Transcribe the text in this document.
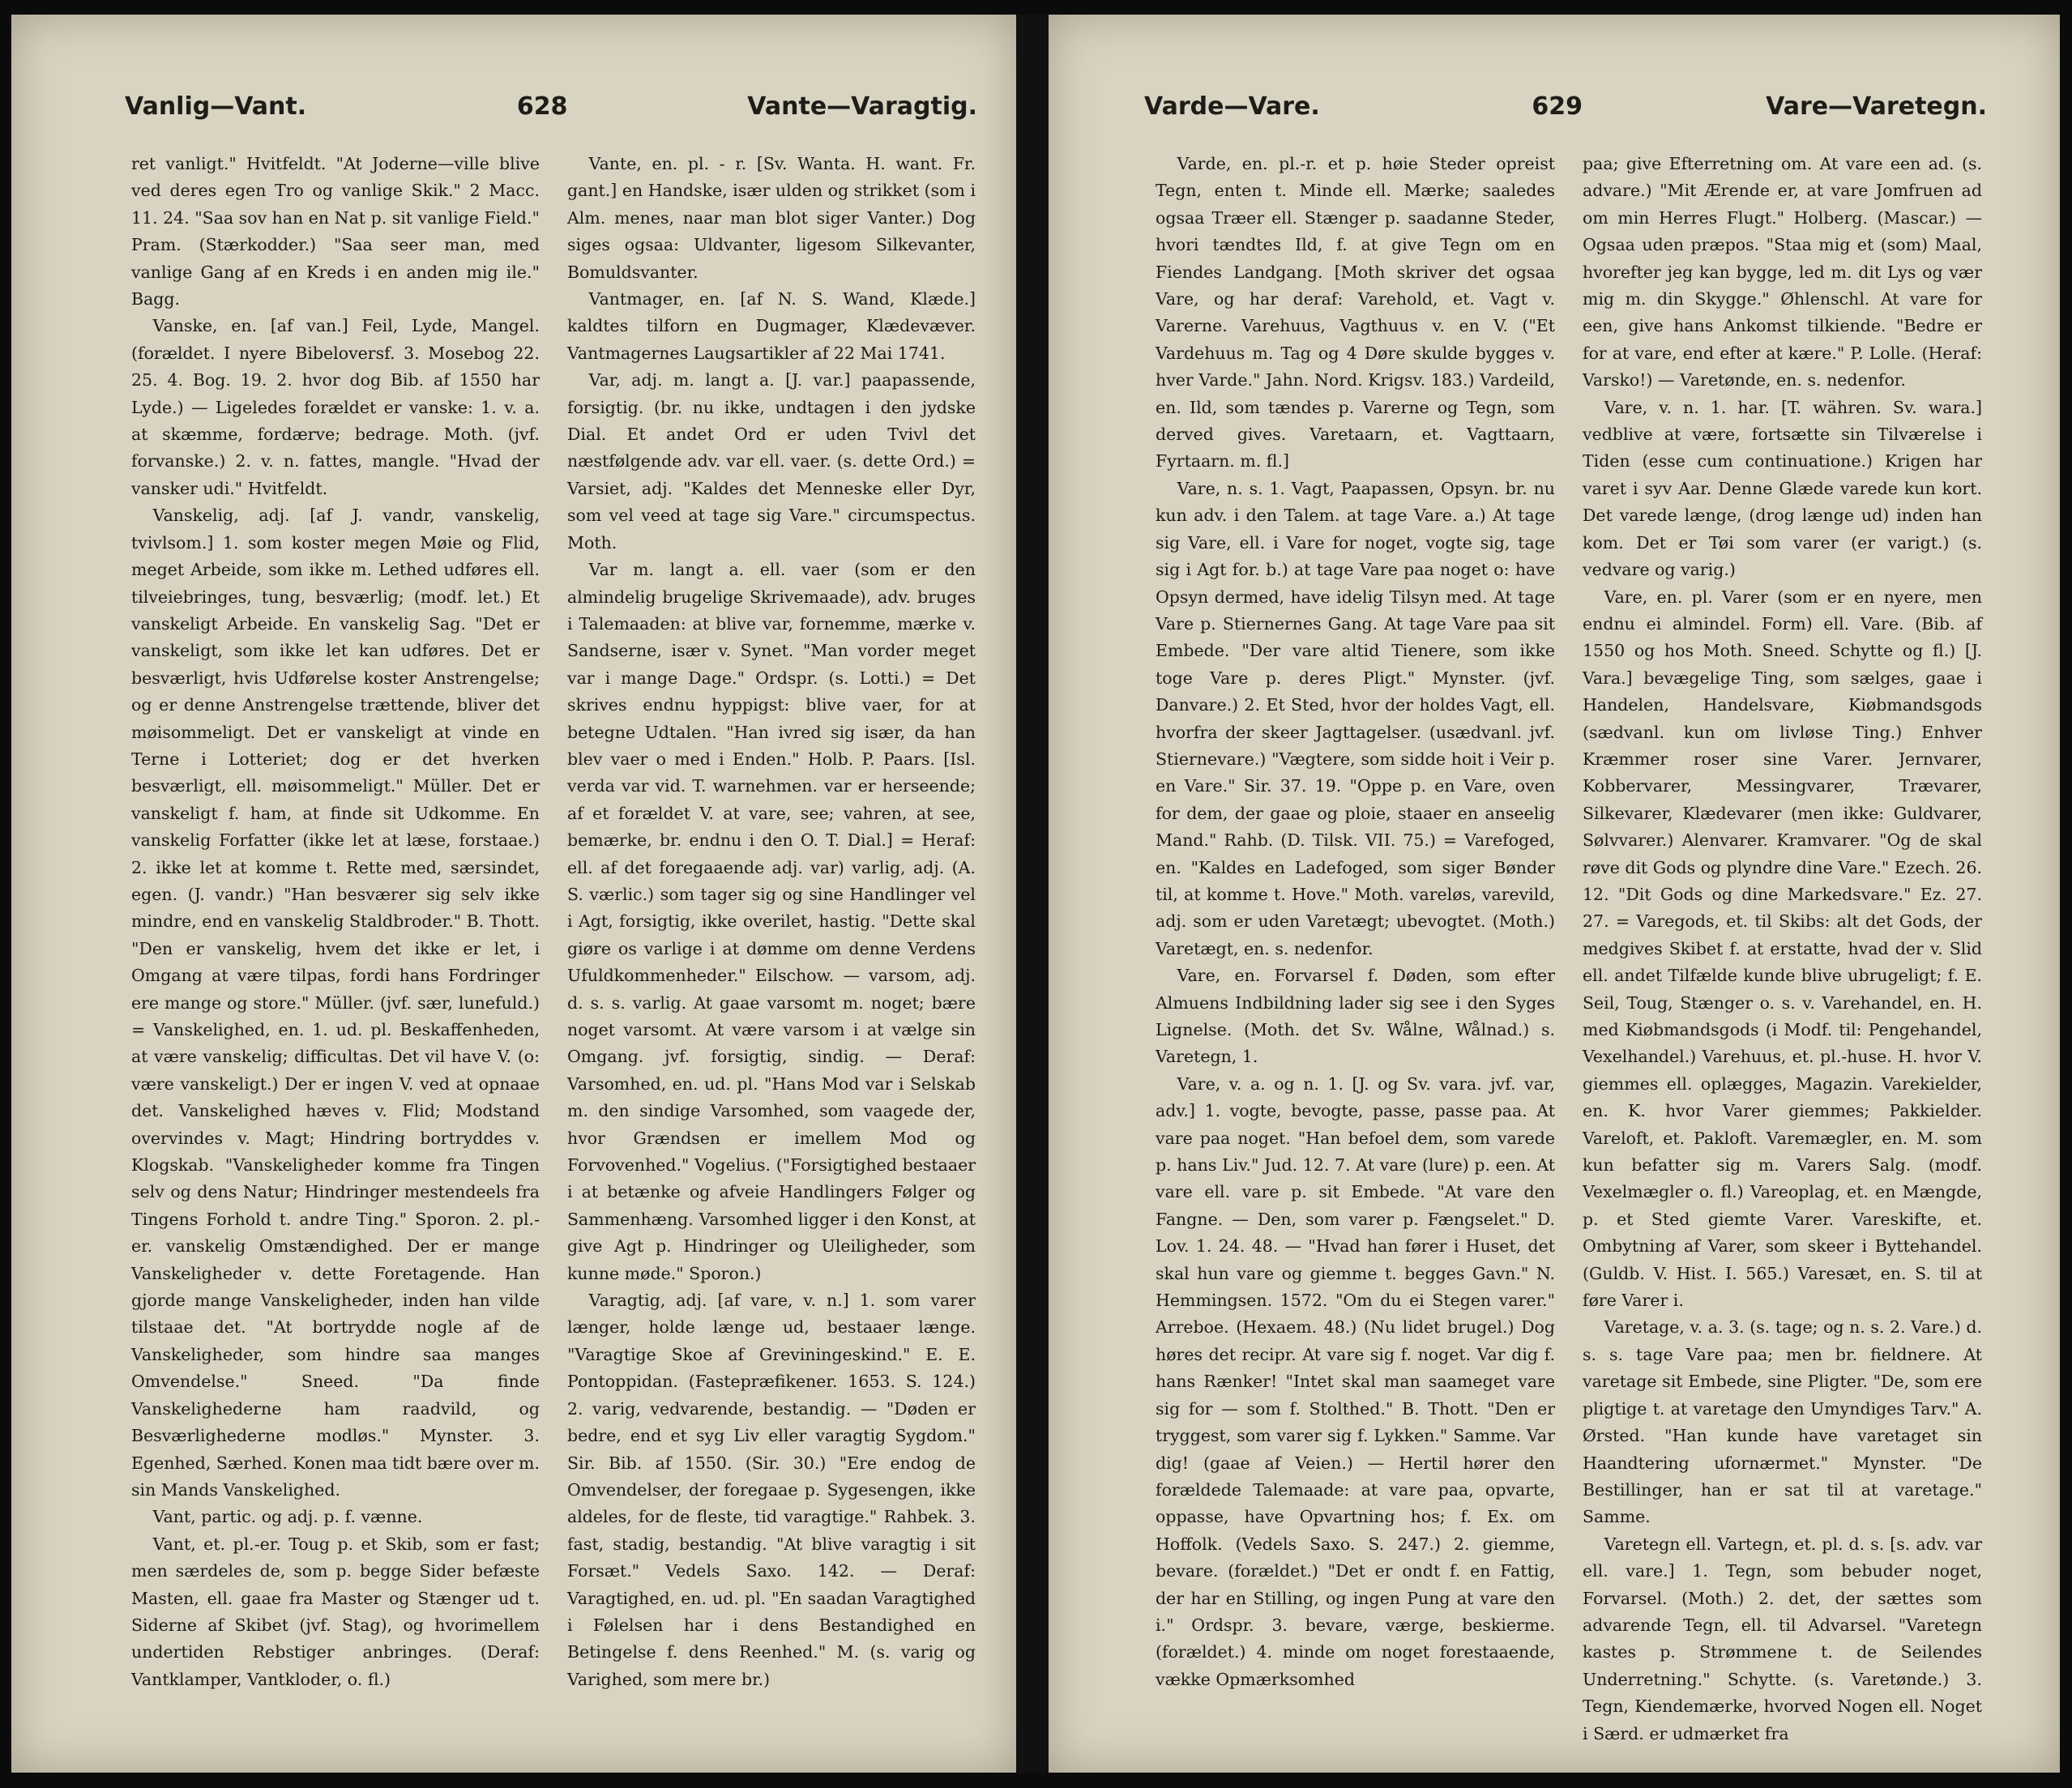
Vanlig—Vant.	628	Vante—Varagtig.

ret vanligt." Hvitfeldt. "At Joderne—ville blive ved deres egen Tro og vanlige Skik." 2 Macc. 11. 24. "Saa sov han en Nat p. sit vanlige Field." Pram. (Stærkodder.) "Saa seer man, med vanlige Gang af en Kreds i en anden mig ile." Bagg.

Vanske, en. [af van.] Feil, Lyde, Mangel. (forældet. I nyere Bibeloversf. 3. Mosebog 22. 25. 4. Bog. 19. 2. hvor dog Bib. af 1550 har Lyde.) — Ligeledes forældet er vanske: 1. v. a. at skæmme, fordærve; bedrage. Moth. (jvf. forvanske.) 2. v. n. fattes, mangle. "Hvad der vansker udi." Hvitfeldt.

Vanskelig, adj. [af J. vandr, vanskelig, tvivlsom.] 1. som koster megen Møie og Flid, meget Arbeide, som ikke m. Lethed udføres ell. tilveiebringes, tung, besværlig; (modf. let.) Et vanskeligt Arbeide. En vanskelig Sag. "Det er vanskeligt, som ikke let kan udføres. Det er besværligt, hvis Udførelse koster Anstrengelse; og er denne Anstrengelse trættende, bliver det møisommeligt. Det er vanskeligt at vinde en Terne i Lotteriet; dog er det hverken besværligt, ell. møisommeligt." Müller. Det er vanskeligt f. ham, at finde sit Udkomme. En vanskelig Forfatter (ikke let at læse, forstaae.) 2. ikke let at komme t. Rette med, særsindet, egen. (J. vandr.) "Han besværer sig selv ikke mindre, end en vanskelig Staldbroder." B. Thott. "Den er vanskelig, hvem det ikke er let, i Omgang at være tilpas, fordi hans Fordringer ere mange og store." Müller. (jvf. sær, lunefuld.) = Vanskelighed, en. 1. ud. pl. Beskaffenheden, at være vanskelig; difficultas. Det vil have V. (o: være vanskeligt.) Der er ingen V. ved at opnaae det. Vanskelighed hæves v. Flid; Modstand overvindes v. Magt; Hindring bortryddes v. Klogskab. "Vanskeligheder komme fra Tingen selv og dens Natur; Hindringer mestendeels fra Tingens Forhold t. andre Ting." Sporon. 2. pl.-er. vanskelig Omstændighed. Der er mange Vanskeligheder v. dette Foretagende. Han gjorde mange Vanskeligheder, inden han vilde tilstaae det. "At bortrydde nogle af de Vanskeligheder, som hindre saa manges Omvendelse." Sneed. "Da finde Vanskelighederne ham raadvild, og Besværlighederne modløs." Mynster. 3. Egenhed, Særhed. Konen maa tidt bære over m. sin Mands Vanskelighed.

Vant, partic. og adj. p. f. vænne.

Vant, et. pl.-er. Toug p. et Skib, som er fast; men særdeles de, som p. begge Sider befæste Masten, ell. gaae fra Master og Stænger ud t. Siderne af Skibet (jvf. Stag), og hvorimellem undertiden Rebstiger anbringes. (Deraf: Vantklamper, Vantkloder, o. fl.)

Vante, en. pl. - r. [Sv. Wanta. H. want. Fr. gant.] en Handske, især ulden og strikket (som i Alm. menes, naar man blot siger Vanter.) Dog siges ogsaa: Uldvanter, ligesom Silkevanter, Bomuldsvanter.

Vantmager, en. [af N. S. Wand, Klæde.] kaldtes tilforn en Dugmager, Klædevæver. Vantmagernes Laugsartikler af 22 Mai 1741.

Var, adj. m. langt a. [J. var.] paapassende, forsigtig. (br. nu ikke, undtagen i den jydske Dial. Et andet Ord er uden Tvivl det næstfølgende adv. var ell. vaer. (s. dette Ord.) = Varsiet, adj. "Kaldes det Menneske eller Dyr, som vel veed at tage sig Vare." circumspectus. Moth.

Var m. langt a. ell. vaer (som er den almindelig brugelige Skrivemaade), adv. bruges i Talemaaden: at blive var, fornemme, mærke v. Sandserne, især v. Synet. "Man vorder meget var i mange Dage." Ordspr. (s. Lotti.) = Det skrives endnu hyppigst: blive vaer, for at betegne Udtalen. "Han ivred sig især, da han blev vaer o med i Enden." Holb. P. Paars. [Isl. verda var vid. T. warnehmen. var er herseende; af et forældet V. at vare, see; vahren, at see, bemærke, br. endnu i den O. T. Dial.] = Heraf: ell. af det foregaaende adj. var) varlig, adj. (A. S. værlic.) som tager sig og sine Handlinger vel i Agt, forsigtig, ikke overilet, hastig. "Dette skal giøre os varlige i at dømme om denne Verdens Ufuldkommenheder." Eilschow. — varsom, adj. d. s. s. varlig. At gaae varsomt m. noget; bære noget varsomt. At være varsom i at vælge sin Omgang. jvf. forsigtig, sindig. — Deraf: Varsomhed, en. ud. pl. "Hans Mod var i Selskab m. den sindige Varsomhed, som vaagede der, hvor Grændsen er imellem Mod og Forvovenhed." Vogelius. ("Forsigtighed bestaaer i at betænke og afveie Handlingers Følger og Sammenhæng. Varsomhed ligger i den Konst, at give Agt p. Hindringer og Uleiligheder, som kunne møde." Sporon.)

Varagtig, adj. [af vare, v. n.] 1. som varer længer, holde længe ud, bestaaer længe. "Varagtige Skoe af Greviningeskind." E. E. Pontoppidan. (Fastepræfikener. 1653. S. 124.) 2. varig, vedvarende, bestandig. — "Døden er bedre, end et syg Liv eller varagtig Sygdom." Sir. Bib. af 1550. (Sir. 30.) "Ere endog de Omvendelser, der foregaae p. Sygesengen, ikke aldeles, for de fleste, tid varagtige." Rahbek. 3. fast, stadig, bestandig. "At blive varagtig i sit Forsæt." Vedels Saxo. 142. — Deraf: Varagtighed, en. ud. pl. "En saadan Varagtighed i Følelsen har i dens Bestandighed en Betingelse f. dens Reenhed." M. (s. varig og Varighed, som mere br.)

Varde—Vare.	629	Vare—Varetegn.

Varde, en. pl.-r. et p. høie Steder opreist Tegn, enten t. Minde ell. Mærke; saaledes ogsaa Træer ell. Stænger p. saadanne Steder, hvori tændtes Ild, f. at give Tegn om en Fiendes Landgang. [Moth skriver det ogsaa Vare, og har deraf: Varehold, et. Vagt v. Varerne. Varehuus, Vagthuus v. en V. ("Et Vardehuus m. Tag og 4 Døre skulde bygges v. hver Varde." Jahn. Nord. Krigsv. 183.) Vardeild, en. Ild, som tændes p. Varerne og Tegn, som derved gives. Varetaarn, et. Vagttaarn, Fyrtaarn. m. fl.]

Vare, n. s. 1. Vagt, Paapassen, Opsyn. br. nu kun adv. i den Talem. at tage Vare. a.) At tage sig Vare, ell. i Vare for noget, vogte sig, tage sig i Agt for. b.) at tage Vare paa noget o: have Opsyn dermed, have idelig Tilsyn med. At tage Vare p. Stiernernes Gang. At tage Vare paa sit Embede. "Der vare altid Tienere, som ikke toge Vare p. deres Pligt." Mynster. (jvf. Danvare.) 2. Et Sted, hvor der holdes Vagt, ell. hvorfra der skeer Jagttagelser. (usædvanl. jvf. Stiernevare.) "Vægtere, som sidde hoit i Veir p. en Vare." Sir. 37. 19. "Oppe p. en Vare, oven for dem, der gaae og ploie, staaer en anseelig Mand." Rahb. (D. Tilsk. VII. 75.) = Varefoged, en. "Kaldes en Ladefoged, som siger Bønder til, at komme t. Hove." Moth. vareløs, varevild, adj. som er uden Varetægt; ubevogtet. (Moth.) Varetægt, en. s. nedenfor.

Vare, en. Forvarsel f. Døden, som efter Almuens Indbildning lader sig see i den Syges Lignelse. (Moth. det Sv. Wålne, Wålnad.) s. Varetegn, 1.

Vare, v. a. og n. 1. [J. og Sv. vara. jvf. var, adv.] 1. vogte, bevogte, passe, passe paa. At vare paa noget. "Han befoel dem, som varede p. hans Liv." Jud. 12. 7. At vare (lure) p. een. At vare ell. vare p. sit Embede. "At vare den Fangne. — Den, som varer p. Fængselet." D. Lov. 1. 24. 48. — "Hvad han fører i Huset, det skal hun vare og giemme t. begges Gavn." N. Hemmingsen. 1572. "Om du ei Stegen varer." Arreboe. (Hexaem. 48.) (Nu lidet brugel.) Dog høres det recipr. At vare sig f. noget. Var dig f. hans Rænker! "Intet skal man saameget vare sig for — som f. Stolthed." B. Thott. "Den er tryggest, som varer sig f. Lykken." Samme. Var dig! (gaae af Veien.) — Hertil hører den forældede Talemaade: at vare paa, opvarte, oppasse, have Opvartning hos; f. Ex. om Hoffolk. (Vedels Saxo. S. 247.) 2. giemme, bevare. (forældet.) "Det er ondt f. en Fattig, der har en Stilling, og ingen Pung at vare den i." Ordspr. 3. bevare, værge, beskierme. (forældet.) 4. minde om noget forestaaende, vække Opmærksomhed

paa; give Efterretning om. At vare een ad. (s. advare.) "Mit Ærende er, at vare Jomfruen ad om min Herres Flugt." Holberg. (Mascar.) — Ogsaa uden præpos. "Staa mig et (som) Maal, hvorefter jeg kan bygge, led m. dit Lys og vær mig m. din Skygge." Øhlenschl. At vare for een, give hans Ankomst tilkiende. "Bedre er for at vare, end efter at kære." P. Lolle. (Heraf: Varsko!) — Varetønde, en. s. nedenfor.

Vare, v. n. 1. har. [T. währen. Sv. wara.] vedblive at være, fortsætte sin Tilværelse i Tiden (esse cum continuatione.) Krigen har varet i syv Aar. Denne Glæde varede kun kort. Det varede længe, (drog længe ud) inden han kom. Det er Tøi som varer (er varigt.) (s. vedvare og varig.)

Vare, en. pl. Varer (som er en nyere, men endnu ei almindel. Form) ell. Vare. (Bib. af 1550 og hos Moth. Sneed. Schytte og fl.) [J. Vara.] bevægelige Ting, som sælges, gaae i Handelen, Handelsvare, Kiøbmandsgods (sædvanl. kun om livløse Ting.) Enhver Kræmmer roser sine Varer. Jernvarer, Kobbervarer, Messingvarer, Trævarer, Silkevarer, Klædevarer (men ikke: Guldvarer, Sølvvarer.) Alenvarer. Kramvarer. "Og de skal røve dit Gods og plyndre dine Vare." Ezech. 26. 12. "Dit Gods og dine Markedsvare." Ez. 27. 27. = Varegods, et. til Skibs: alt det Gods, der medgives Skibet f. at erstatte, hvad der v. Slid ell. andet Tilfælde kunde blive ubrugeligt; f. E. Seil, Toug, Stænger o. s. v. Varehandel, en. H. med Kiøbmandsgods (i Modf. til: Pengehandel, Vexelhandel.) Varehuus, et. pl.-huse. H. hvor V. giemmes ell. oplægges, Magazin. Varekielder, en. K. hvor Varer giemmes; Pakkielder. Vareloft, et. Pakloft. Varemægler, en. M. som kun befatter sig m. Varers Salg. (modf. Vexelmægler o. fl.) Vareoplag, et. en Mængde, p. et Sted giemte Varer. Vareskifte, et. Ombytning af Varer, som skeer i Byttehandel. (Guldb. V. Hist. I. 565.) Varesæt, en. S. til at føre Varer i.

Varetage, v. a. 3. (s. tage; og n. s. 2. Vare.) d. s. s. tage Vare paa; men br. fieldnere. At varetage sit Embede, sine Pligter. "De, som ere pligtige t. at varetage den Umyndiges Tarv." A. Ørsted. "Han kunde have varetaget sin Haandtering ufornærmet." Mynster. "De Bestillinger, han er sat til at varetage." Samme.

Varetegn ell. Vartegn, et. pl. d. s. [s. adv. var ell. vare.] 1. Tegn, som bebuder noget, Forvarsel. (Moth.) 2. det, der sættes som advarende Tegn, ell. til Advarsel. "Varetegn kastes p. Strømmene t. de Seilendes Underretning." Schytte. (s. Varetønde.) 3. Tegn, Kiendemærke, hvorved Nogen ell. Noget i Særd. er udmærket fra
